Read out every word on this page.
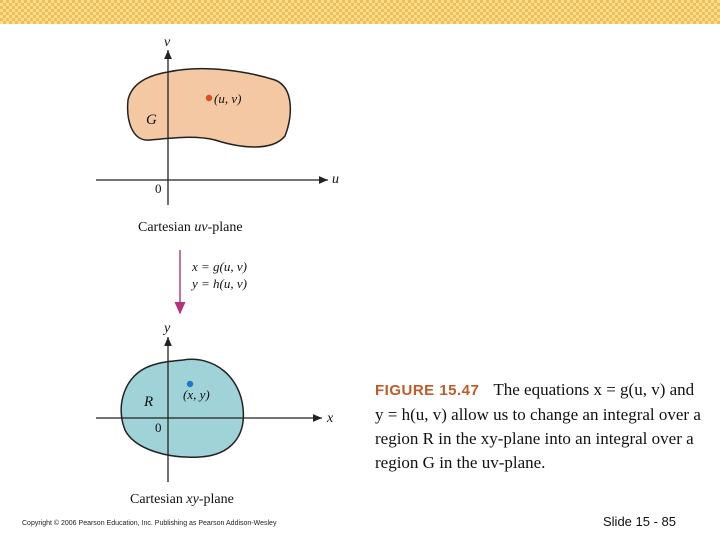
v
u
0
G
(u, v)
Cartesian uv-plane
x = g(u, v)
y = h(u, v)
y
x
0
R (x, y)
Cartesian xy-plane
FIGURE 15.47 The equations x = g(u, v) and y = h(u, v) allow us to change an integral over a region R in the xy-plane into an integral over a region G in the uv-plane.
Copyright © 2006 Pearson Education, Inc. Publishing as Pearson Addison-Wesley	Slide 15 - 85
